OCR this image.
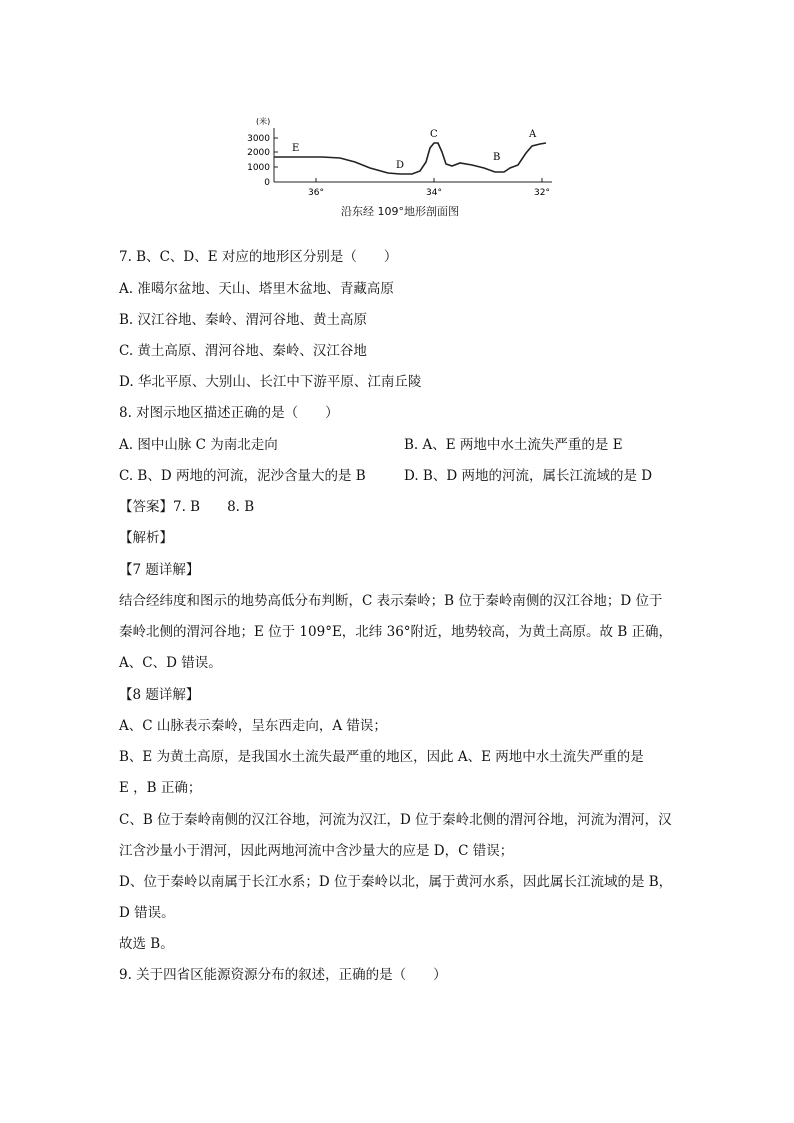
(米)
3000
2000
1000
0
36°	34°	32°
E
D
C
B
A
沿东经 109°地形剖面图
7. B、C、D、E 对应的地形区分别是（　　）
A. 准噶尔盆地、天山、塔里木盆地、青藏高原
B. 汉江谷地、秦岭、渭河谷地、黄土高原
C. 黄土高原、渭河谷地、秦岭、汉江谷地
D. 华北平原、大别山、长江中下游平原、江南丘陵
8. 对图示地区描述正确的是（　　）
A. 图中山脉 C 为南北走向	B. A、E 两地中水土流失严重的是 E
C. B、D 两地的河流，泥沙含量大的是 B	D. B、D 两地的河流，属长江流域的是 D
【答案】7. B　　8. B
【解析】
【7 题详解】
结合经纬度和图示的地势高低分布判断，C 表示秦岭；B 位于秦岭南侧的汉江谷地；D 位于
秦岭北侧的渭河谷地；E 位于 109°E，北纬 36°附近，地势较高，为黄土高原。故 B 正确，
A、C、D 错误。
【8 题详解】
A、C 山脉表示秦岭，呈东西走向，A 错误；
B、E 为黄土高原，是我国水土流失最严重的地区，因此 A、E 两地中水土流失严重的是
E ，B 正确；
C、B 位于秦岭南侧的汉江谷地，河流为汉江，D 位于秦岭北侧的渭河谷地，河流为渭河，汉
江含沙量小于渭河，因此两地河流中含沙量大的应是 D，C 错误；
D、位于秦岭以南属于长江水系；D 位于秦岭以北，属于黄河水系，因此属长江流域的是 B，
D 错误。
故选 B。
9. 关于四省区能源资源分布的叙述，正确的是（　　）
